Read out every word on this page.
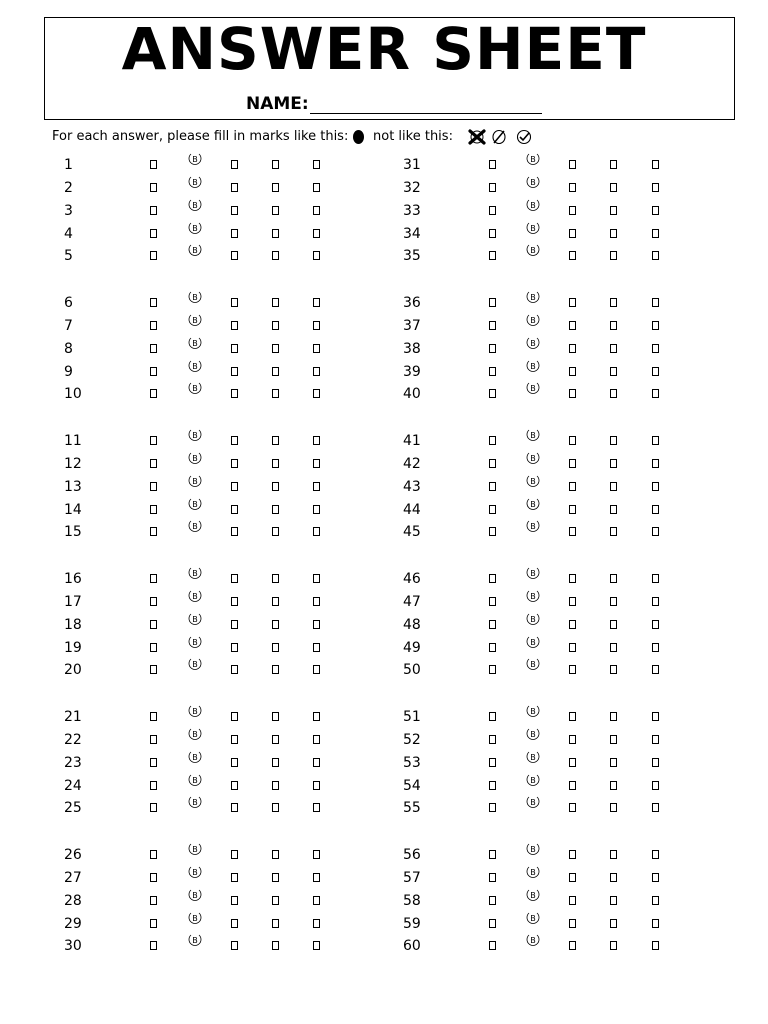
ANSWER SHEET
NAME:
For each answer, please fill in marks like this: not like this:
1	B
2	B
3	B
4	B
5	B
6	B
7	B
8	B
9	B
10	B
11	B
12	B
13	B
14	B
15	B
16	B
17	B
18	B
19	B
20	B
21	B
22	B
23	B
24	B
25	B
26	B
27	B
28	B
29	B
30	B
31	B
32	B
33	B
34	B
35	B
36	B
37	B
38	B
39	B
40	B
41	B
42	B
43	B
44	B
45	B
46	B
47	B
48	B
49	B
50	B
51	B
52	B
53	B
54	B
55	B
56	B
57	B
58	B
59	B
60	B
